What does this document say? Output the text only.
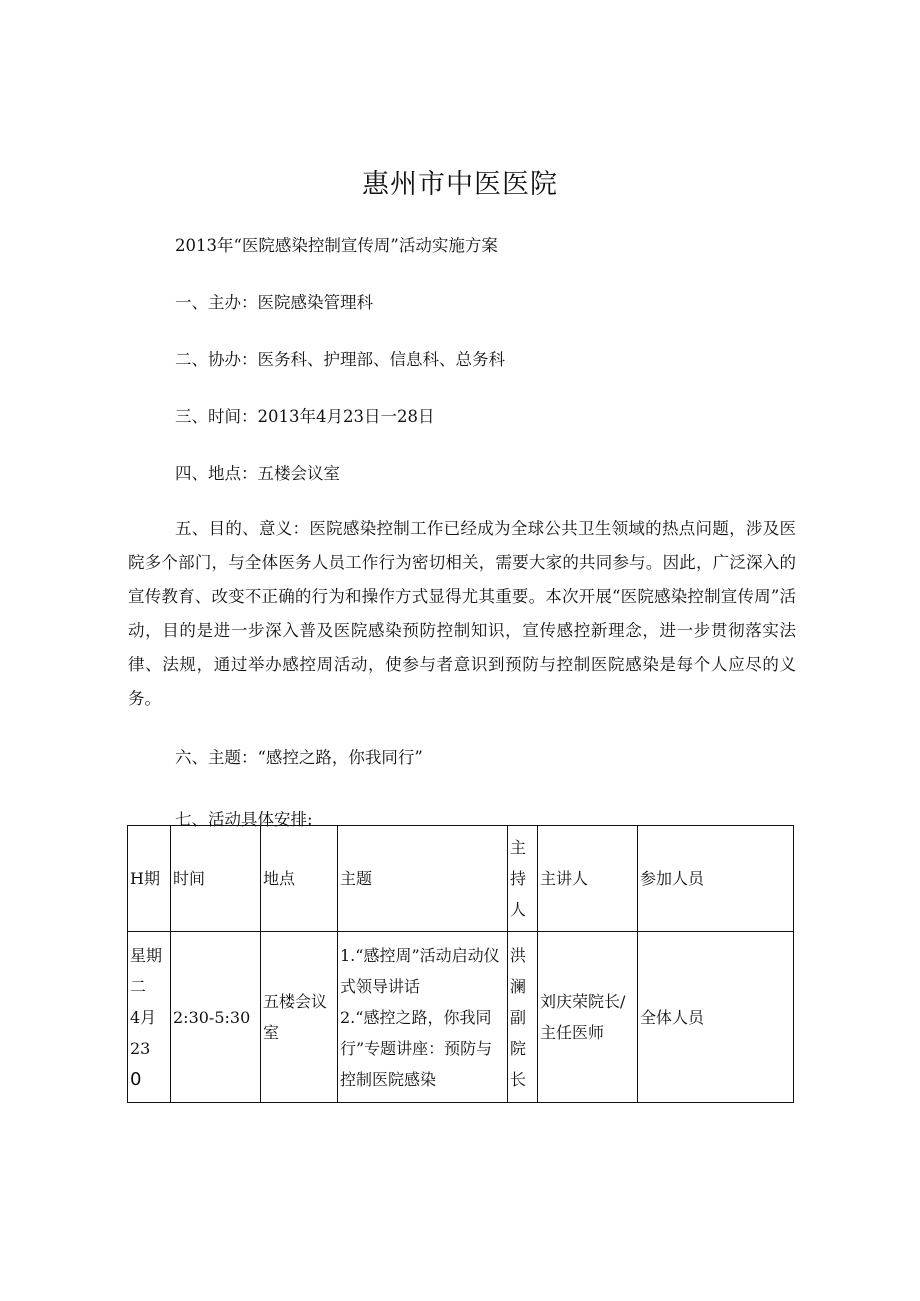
惠州市中医医院

2013年“医院感染控制宣传周”活动实施方案

一、主办：医院感染管理科

二、协办：医务科、护理部、信息科、总务科

三、时间：2013年4月23日一28日

四、地点：五楼会议室

五、目的、意义：医院感染控制工作已经成为全球公共卫生领域的热点问题，涉及医院多个部门，与全体医务人员工作行为密切相关，需要大家的共同参与。因此，广泛深入的宣传教育、改变不正确的行为和操作方式显得尤其重要。本次开展“医院感染控制宣传周”活动，目的是进一步深入普及医院感染预防控制知识，宣传感控新理念，进一步贯彻落实法律、法规，通过举办感控周活动，使参与者意识到预防与控制医院感染是每个人应尽的义务。

六、主题：“感控之路，你我同行”

七、活动具体安排:

H期	时间	地点	主题	主
持
人	主讲人	参加人员

星期
二
4月
23
0	2:30-5:30	五楼会议室	1.“感控周”活动启动仪式领导讲话
2.“感控之路，你我同行”专题讲座：预防与控制医院感染	洪
澜
副
院
长	刘庆荣院长/主任医师	全体人员
